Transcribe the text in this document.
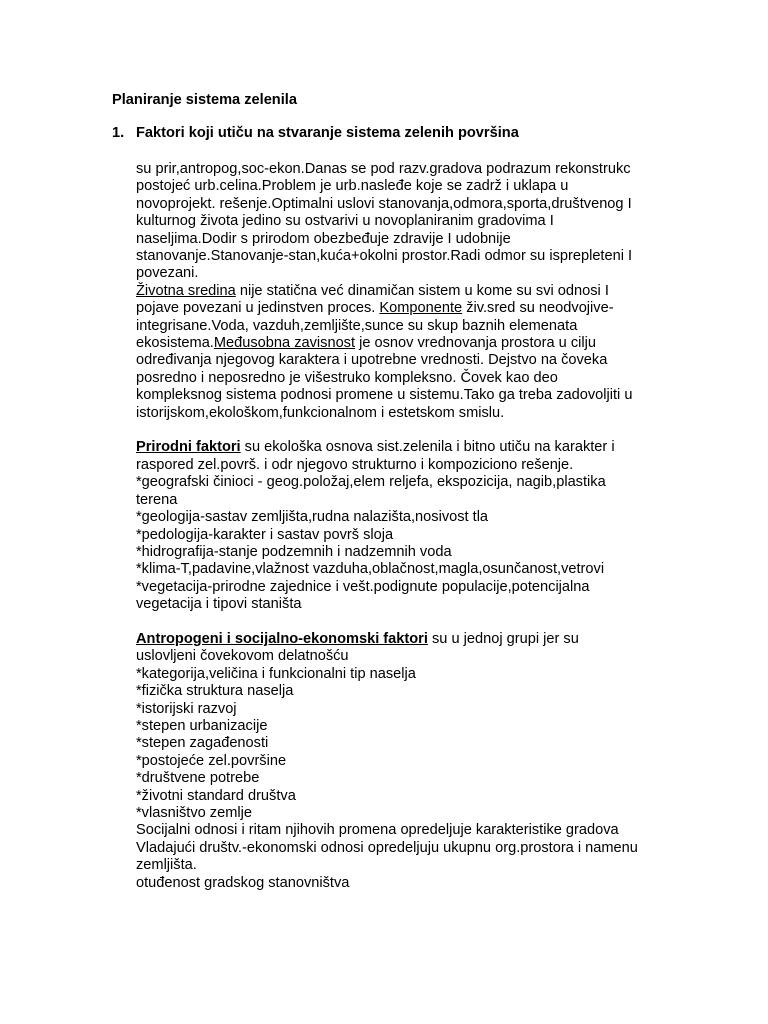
Planiranje sistema zelenila
1. Faktori koji utiču na stvaranje sistema zelenih površina
su prir,antropog,soc-ekon.Danas se pod razv.gradova podrazum rekonstrukc
postojeć urb.celina.Problem je urb.nasleđe koje se zadrž i uklapa u
novoprojekt. rešenje.Optimalni uslovi stanovanja,odmora,sporta,društvenog I
kulturnog života jedino su ostvarivi u novoplaniranim gradovima I
naseljima.Dodir s prirodom obezbeđuje zdravije I udobnije
stanovanje.Stanovanje-stan,kuća+okolni prostor.Radi odmor su isprepleteni I
povezani.
Životna sredina nije statična već dinamičan sistem u kome su svi odnosi I
pojave povezani u jedinstven proces. Komponente živ.sred su neodvojive-
integrisane.Voda, vazduh,zemljište,sunce su skup baznih elemenata
ekosistema.Međusobna zavisnost je osnov vrednovanja prostora u cilju
određivanja njegovog karaktera i upotrebne vrednosti. Dejstvo na čoveka
posredno i neposredno je višestruko kompleksno. Čovek kao deo
kompleksnog sistema podnosi promene u sistemu.Tako ga treba zadovoljiti u
istorijskom,ekološkom,funkcionalnom i estetskom smislu.
Prirodni faktori su ekološka osnova sist.zelenila i bitno utiču na karakter i
raspored zel.površ. i odr njegovo strukturno i kompoziciono rešenje.
*geografski činioci - geog.položaj,elem reljefa, ekspozicija, nagib,plastika
terena
*geologija-sastav zemljišta,rudna nalazišta,nosivost tla
*pedologija-karakter i sastav površ sloja
*hidrografija-stanje podzemnih i nadzemnih voda
*klima-T,padavine,vlažnost vazduha,oblačnost,magla,osunčanost,vetrovi
*vegetacija-prirodne zajednice i vešt.podignute populacije,potencijalna
vegetacija i tipovi staništa
Antropogeni i socijalno-ekonomski faktori su u jednoj grupi jer su
uslovljeni čovekovom delatnošću
*kategorija,veličina i funkcionalni tip naselja
*fizička struktura naselja
*istorijski razvoj
*stepen urbanizacije
*stepen zagađenosti
*postojeće zel.površine
*društvene potrebe
*životni standard društva
*vlasništvo zemlje
Socijalni odnosi i ritam njihovih promena opredeljuje karakteristike gradova
Vladajući društv.-ekonomski odnosi opredeljuju ukupnu org.prostora i namenu
zemljišta.
otuđenost gradskog stanovništva
